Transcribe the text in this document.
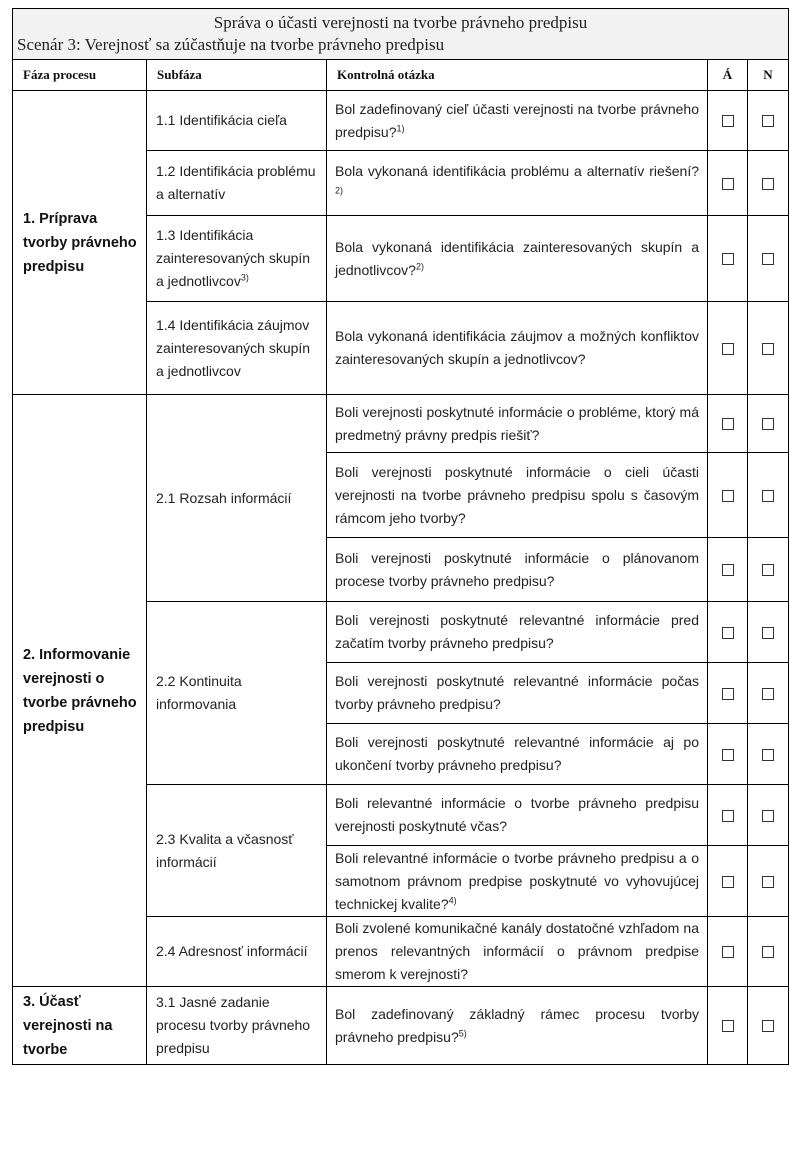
Správa o účasti verejnosti na tvorbe právneho predpisu
Scenár 3: Verejnosť sa zúčastňuje na tvorbe právneho predpisu				

Fáza procesu	Subfáza	Kontrolná otázka	Á	N
1. Príprava tvorby právneho predpisu	1.1 Identifikácia cieľa	Bol zadefinovaný cieľ účasti verejnosti na tvorbe právneho predpisu?$^{1)}$		
	1.2 Identifikácia problému a alternatív	Bola vykonaná identifikácia problému a alternatív riešení?$^{2)}$		
	1.3 Identifikácia zainteresovaných skupín a jednotlivcov$^{3)}$	Bola vykonaná identifikácia zainteresovaných skupín a jednotlivcov?$^{2)}$		
	1.4 Identifikácia záujmov zainteresovaných skupín a jednotlivcov	Bola vykonaná identifikácia záujmov a možných konfliktov zainteresovaných skupín a jednotlivcov?		
2. Informovanie verejnosti o tvorbe právneho predpisu	2.1 Rozsah informácií	Boli verejnosti poskytnuté informácie o probléme, ktorý má predmetný právny predpis riešiť?		
		Boli verejnosti poskytnuté informácie o cieli účasti verejnosti na tvorbe právneho predpisu spolu s časovým rámcom jeho tvorby?		
		Boli verejnosti poskytnuté informácie o plánovanom procese tvorby právneho predpisu?		
	2.2 Kontinuita informovania	Boli verejnosti poskytnuté relevantné informácie pred začatím tvorby právneho predpisu?		
		Boli verejnosti poskytnuté relevantné informácie počas tvorby právneho predpisu?		
		Boli verejnosti poskytnuté relevantné informácie aj po ukončení tvorby právneho predpisu?		
	2.3 Kvalita a včasnosť informácií	Boli relevantné informácie o tvorbe právneho predpisu verejnosti poskytnuté včas?		
		Boli relevantné informácie o tvorbe právneho predpisu a o samotnom právnom predpise poskytnuté vo vyhovujúcej technickej kvalite?$^{4)}$		
	2.4 Adresnosť informácií	Boli zvolené komunikačné kanály dostatočné vzhľadom na prenos relevantných informácií o právnom predpise smerom k verejnosti?		
3. Účasť verejnosti na tvorbe	3.1 Jasné zadanie procesu tvorby právneho predpisu	Bol zadefinovaný základný rámec procesu tvorby právneho predpisu?$^{5)}$		
